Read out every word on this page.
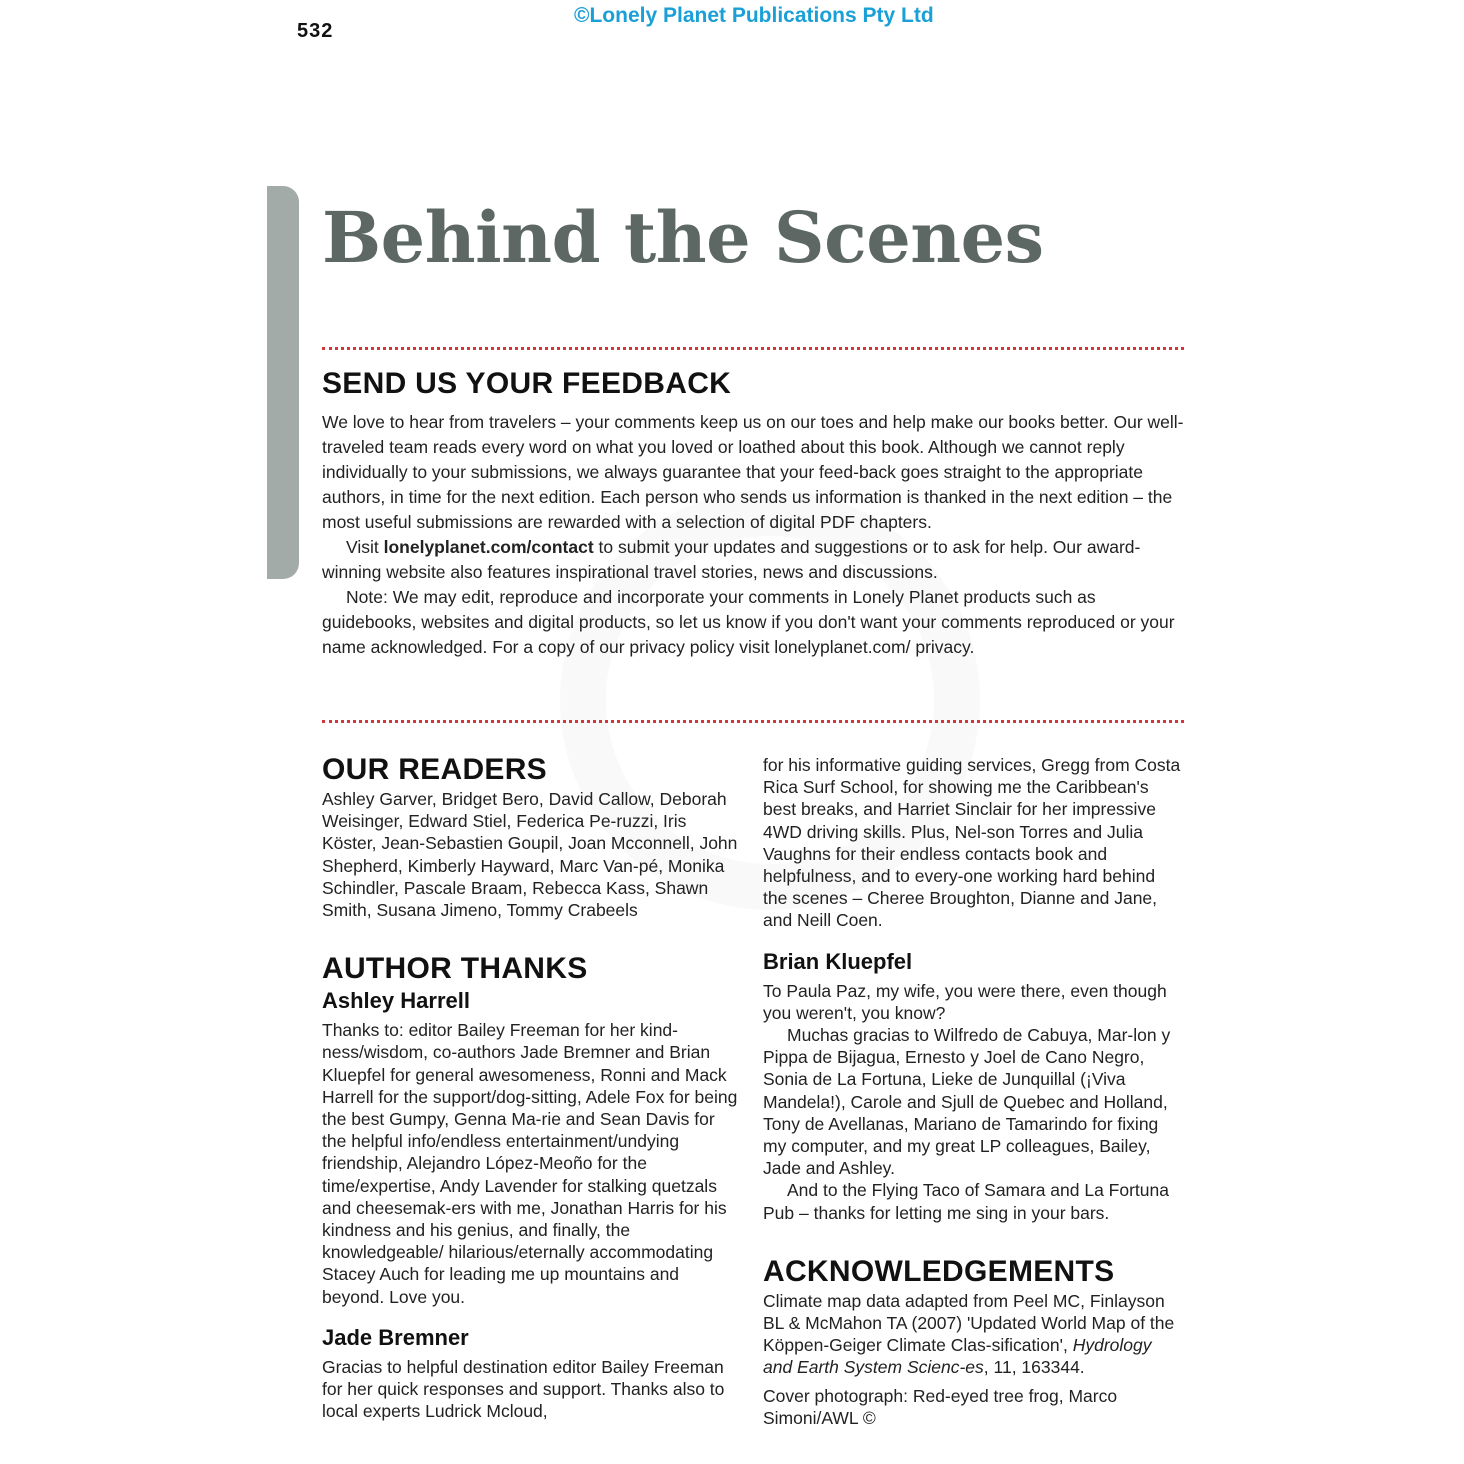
532
©Lonely Planet Publications Pty Ltd
Behind the Scenes
SEND US YOUR FEEDBACK

We love to hear from travelers – your comments keep us on our toes and help make our books better. Our well-traveled team reads every word on what you loved or loathed about this book. Although we cannot reply individually to your submissions, we always guarantee that your feed-back goes straight to the appropriate authors, in time for the next edition. Each person who sends us information is thanked in the next edition – the most useful submissions are rewarded with a selection of digital PDF chapters.

Visit lonelyplanet.com/contact to submit your updates and suggestions or to ask for help. Our award-winning website also features inspirational travel stories, news and discussions.

Note: We may edit, reproduce and incorporate your comments in Lonely Planet products such as guidebooks, websites and digital products, so let us know if you don't want your comments reproduced or your name acknowledged. For a copy of our privacy policy visit lonelyplanet.com/ privacy.

OUR READERS

Ashley Garver, Bridget Bero, David Callow, Deborah Weisinger, Edward Stiel, Federica Pe-ruzzi, Iris Köster, Jean-Sebastien Goupil, Joan Mcconnell, John Shepherd, Kimberly Hayward, Marc Van-pé, Monika Schindler, Pascale Braam, Rebecca Kass, Shawn Smith, Susana Jimeno, Tommy Crabeels

AUTHOR THANKS
Ashley Harrell

Thanks to: editor Bailey Freeman for her kind-ness/wisdom, co-authors Jade Bremner and Brian Kluepfel for general awesomeness, Ronni and Mack Harrell for the support/dog-sitting, Adele Fox for being the best Gumpy, Genna Ma-rie and Sean Davis for the helpful info/endless entertainment/undying friendship, Alejandro López-Meoño for the time/expertise, Andy Lavender for stalking quetzals and cheesemak-ers with me, Jonathan Harris for his kindness and his genius, and finally, the knowledgeable/ hilarious/eternally accommodating Stacey Auch for leading me up mountains and beyond. Love you.

Jade Bremner

Gracias to helpful destination editor Bailey Freeman for her quick responses and support. Thanks also to local experts Ludrick Mcloud,

for his informative guiding services, Gregg from Costa Rica Surf School, for showing me the Caribbean's best breaks, and Harriet Sinclair for her impressive 4WD driving skills. Plus, Nel-son Torres and Julia Vaughns for their endless contacts book and helpfulness, and to every-one working hard behind the scenes – Cheree Broughton, Dianne and Jane, and Neill Coen.

Brian Kluepfel

To Paula Paz, my wife, you were there, even though you weren't, you know?

Muchas gracias to Wilfredo de Cabuya, Mar-lon y Pippa de Bijagua, Ernesto y Joel de Cano Negro, Sonia de La Fortuna, Lieke de Junquillal (¡Viva Mandela!), Carole and Sjull de Quebec and Holland, Tony de Avellanas, Mariano de Tamarindo for fixing my computer, and my great LP colleagues, Bailey, Jade and Ashley.

And to the Flying Taco of Samara and La Fortuna Pub – thanks for letting me sing in your bars.

ACKNOWLEDGEMENTS

Climate map data adapted from Peel MC, Finlayson BL & McMahon TA (2007) 'Updated World Map of the Köppen-Geiger Climate Clas-sification', Hydrology and Earth System Scienc-es, 11, 163344.

Cover photograph: Red-eyed tree frog, Marco Simoni/AWL ©
